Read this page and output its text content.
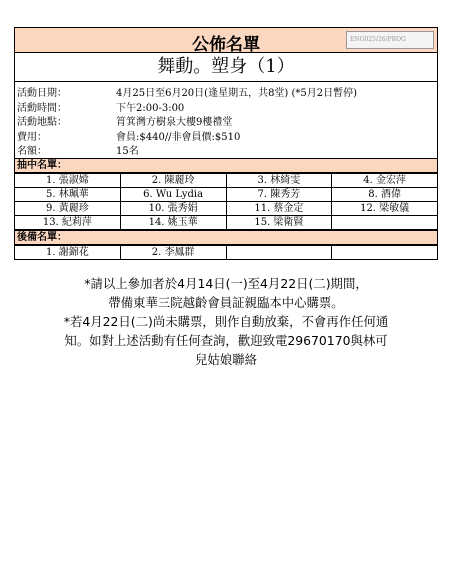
公佈名單	ENG025/26/PROG
舞動。塑身（1）
活動日期：	4月25日至6月20日(逢星期五，共8堂) (*5月2日暫停)
活動時間：	下午2:00-3:00
活動地點：	筲箕灣方樹泉大樓9樓禮堂
費用：	會員:$440//非會員價:$510
名額：	15名
抽中名單：
1. 張淑嫦	2. 陳麗玲	3. 林綺雯	4. 金宏萍
5. 林珮華	6. Wu Lydia	7. 陳秀芳	8. 酒偉
9. 黃麗珍	10. 張秀娟	11. 蔡金定	12. 梁敏儀
13. 紀莉萍	14. 姚玉華	15. 梁衛賢	
後備名單：
1. 謝錦花	2. 李鳳群		

*請以上參加者於4月14日(一)至4月22日(二)期間，

帶備東華三院越齡會員証親臨本中心購票。

*若4月22日(二)尚未購票，則作自動放棄，不會再作任何通

知。如對上述活動有任何查詢，歡迎致電29670170與林可

兒姑娘聯絡
